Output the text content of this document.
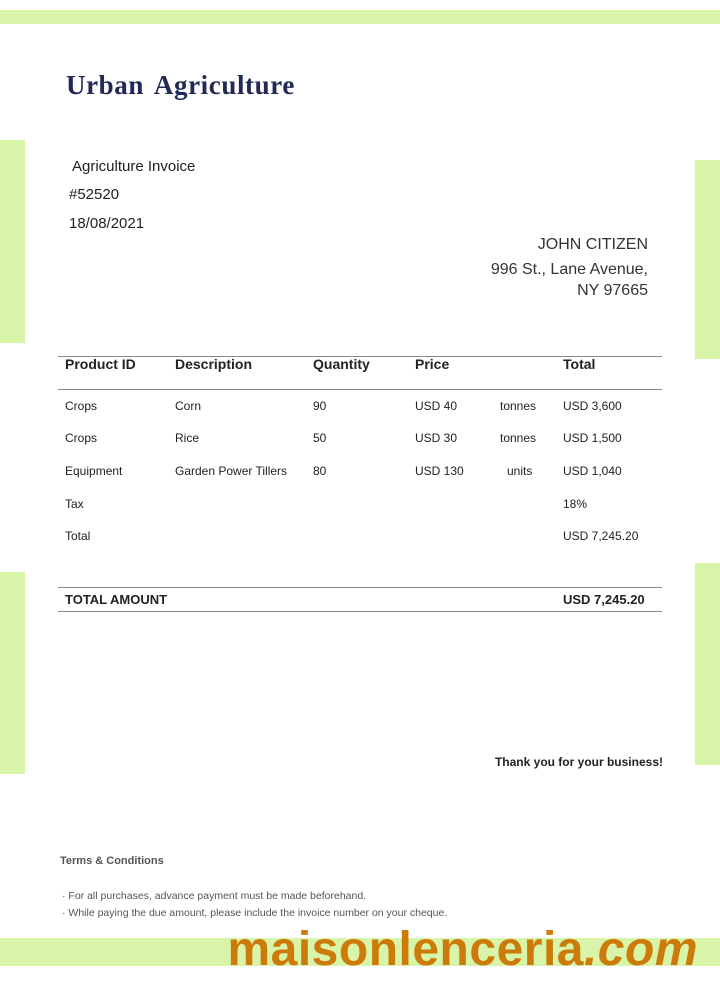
Urban Agriculture
Agriculture Invoice
#52520
18/08/2021
JOHN CITIZEN
996 St., Lane Avenue,
NY 97665
Product ID	Description	Quantity	Price	Total
Crops	Corn	90	USD 40	tonnes USD 3,600
Crops	Rice	50	USD 30	tonnes USD 1,500
Equipment	Garden Power Tillers 80	USD 130	units	USD 1,040
Tax	18%
Total	USD 7,245.20
TOTAL AMOUNT	USD 7,245.20
Thank you for your business!
Terms & Conditions
· For all purchases, advance payment must be made beforehand.
· While paying the due amount, please include the invoice number on your cheque.
maisonlenceria.com
